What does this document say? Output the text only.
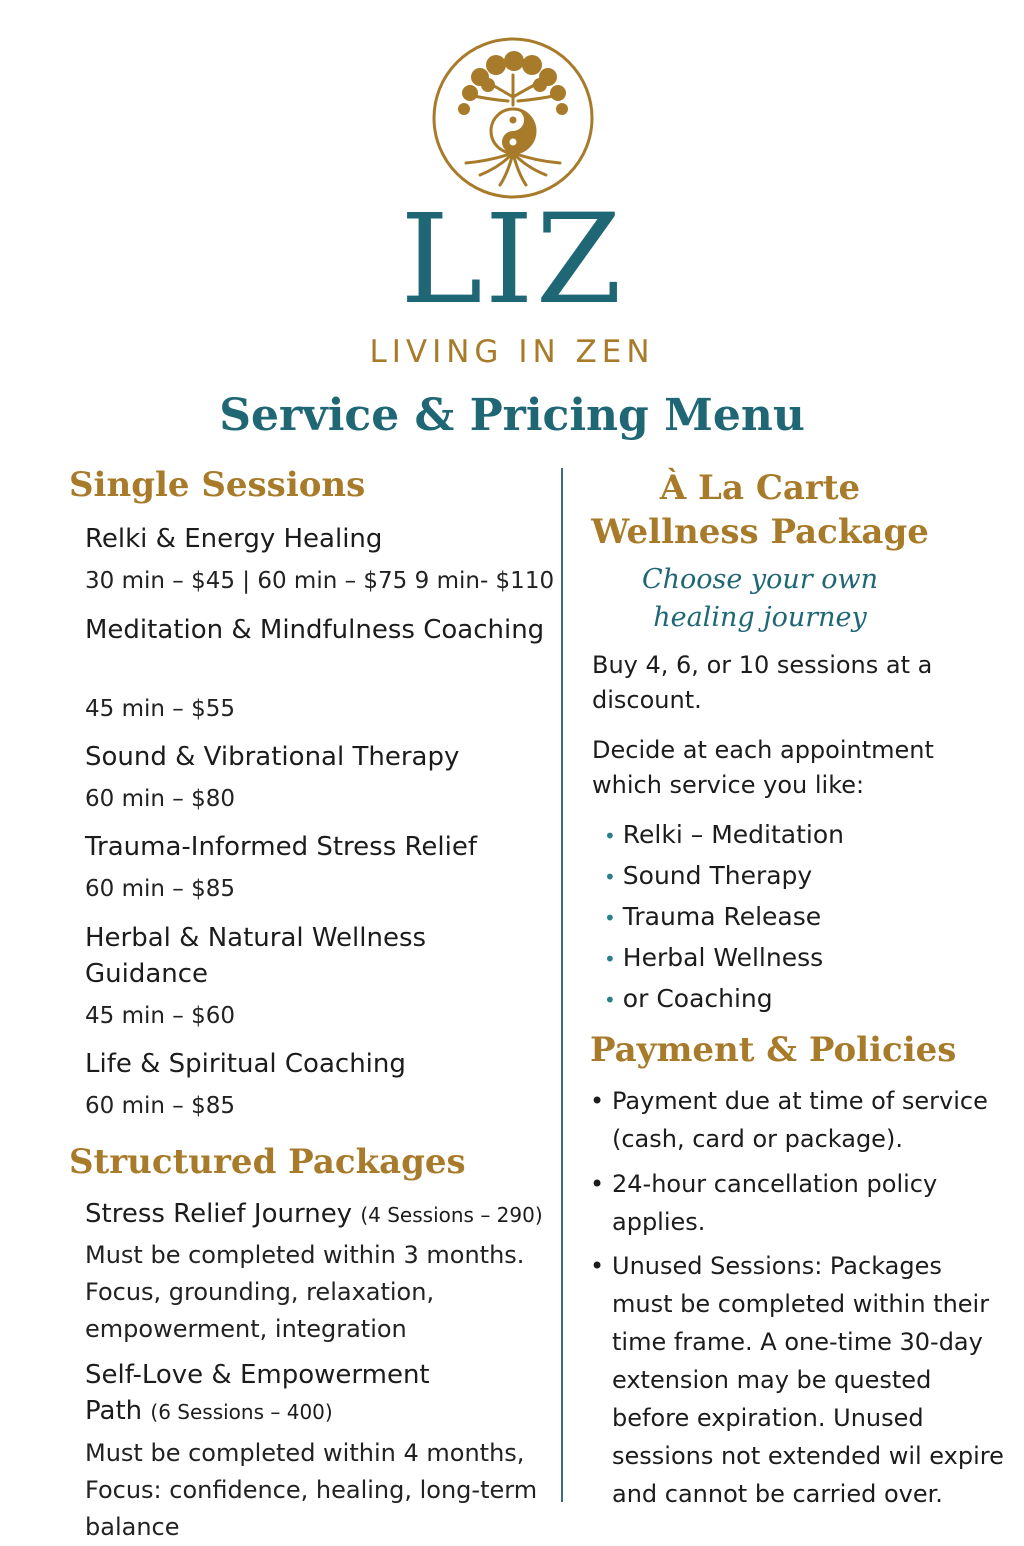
LIZ
LIVING IN ZEN
Service & Pricing Menu
Single Sessions
Relki & Energy Healing
30 min – $45 | 60 min – $75 9 min- $110
Meditation & Mindfulness Coaching
45 min – $55
Sound & Vibrational Therapy
60 min – $80
Trauma-Informed Stress Relief
60 min – $85
Herbal & Natural Wellness Guidance
45 min – $60
Life & Spiritual Coaching
60 min – $85
Structured Packages
Stress Relief Journey (4 Sessions – 290)
Must be completed within 3 months. Focus, grounding, relaxation, empowerment, integration
Self-Love & Empowerment Path (6 Sessions – 400)
Must be completed within 4 months, Focus: confidence, healing, long-term balance
À La Carte
Wellness Package
Choose your own
healing journey
Buy 4, 6, or 10 sessions at a discount.
Decide at each appointment which service you like:
• Relki – Meditation
• Sound Therapy
• Trauma Release
• Herbal Wellness
• or Coaching
Payment & Policies
• Payment due at time of service (cash, card or package).
• 24-hour cancellation policy applies.
• Unused Sessions: Packages must be completed within their time frame. A one-time 30-day extension may be quested before expiration. Unused sessions not extended wil expire and cannot be carried over.
